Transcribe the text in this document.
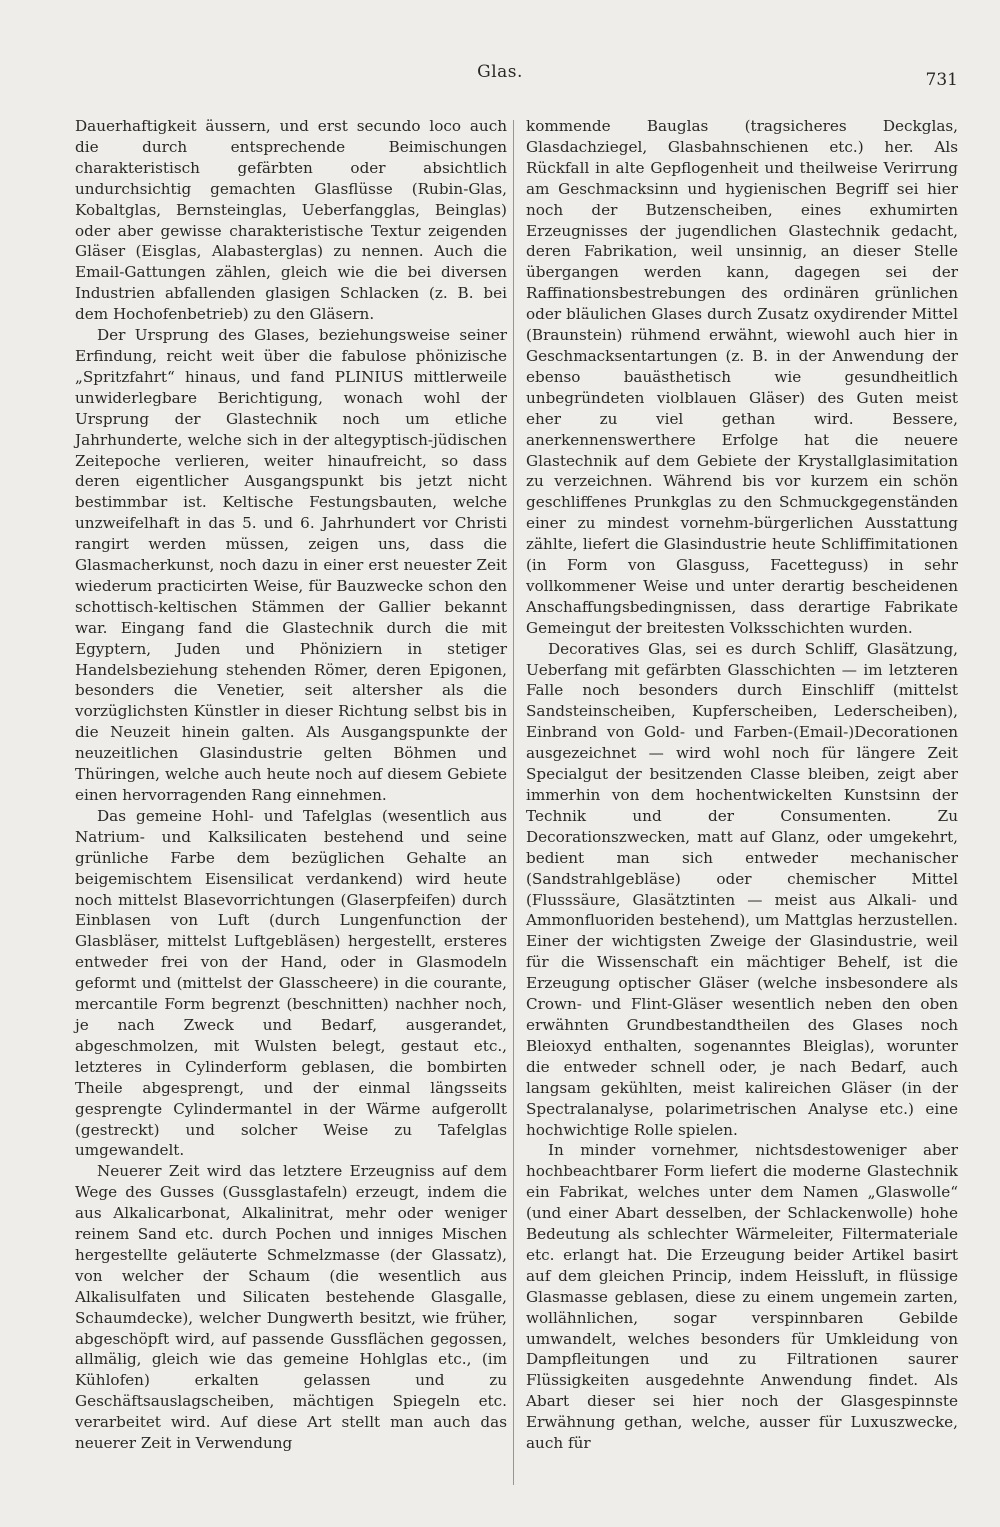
Glas.	731

Dauerhaftigkeit äussern, und erst secundo loco auch die durch entsprechende Beimischungen charakteristisch gefärbten oder absichtlich undurchsichtig gemachten Glasflüsse (Rubin-Glas, Kobaltglas, Bernsteinglas, Ueberfangglas, Beinglas) oder aber gewisse charakteristische Textur zeigenden Gläser (Eisglas, Alabasterglas) zu nennen. Auch die Email-Gattungen zählen, gleich wie die bei diversen Industrien abfallenden glasigen Schlacken (z. B. bei dem Hochofenbetrieb) zu den Gläsern.

Der Ursprung des Glases, beziehungsweise seiner Erfindung, reicht weit über die fabulose phönizische „Spritzfahrt“ hinaus, und fand PLINIUS mittlerweile unwiderlegbare Berichtigung, wonach wohl der Ursprung der Glastechnik noch um etliche Jahrhunderte, welche sich in der altegyptisch-jüdischen Zeitepoche verlieren, weiter hinaufreicht, so dass deren eigentlicher Ausgangspunkt bis jetzt nicht bestimmbar ist. Keltische Festungsbauten, welche unzweifelhaft in das 5. und 6. Jahrhundert vor Christi rangirt werden müssen, zeigen uns, dass die Glasmacherkunst, noch dazu in einer erst neuester Zeit wiederum practicirten Weise, für Bauzwecke schon den schottisch-keltischen Stämmen der Gallier bekannt war. Eingang fand die Glastechnik durch die mit Egyptern, Juden und Phöniziern in stetiger Handelsbeziehung stehenden Römer, deren Epigonen, besonders die Venetier, seit altersher als die vorzüglichsten Künstler in dieser Richtung selbst bis in die Neuzeit hinein galten. Als Ausgangspunkte der neuzeitlichen Glasindustrie gelten Böhmen und Thüringen, welche auch heute noch auf diesem Gebiete einen hervorragenden Rang einnehmen.

Das gemeine Hohl- und Tafelglas (wesentlich aus Natrium- und Kalksilicaten bestehend und seine grünliche Farbe dem bezüglichen Gehalte an beigemischtem Eisensilicat verdankend) wird heute noch mittelst Blasevorrichtungen (Glaserpfeifen) durch Einblasen von Luft (durch Lungenfunction der Glasbläser, mittelst Luftgebläsen) hergestellt, ersteres entweder frei von der Hand, oder in Glasmodeln geformt und (mittelst der Glasscheere) in die courante, mercantile Form begrenzt (beschnitten) nachher noch, je nach Zweck und Bedarf, ausgerandet, abgeschmolzen, mit Wulsten belegt, gestaut etc., letzteres in Cylinderform geblasen, die bombirten Theile abgesprengt, und der einmal längsseits gesprengte Cylindermantel in der Wärme aufgerollt (gestreckt) und solcher Weise zu Tafelglas umgewandelt.

Neuerer Zeit wird das letztere Erzeugniss auf dem Wege des Gusses (Gussglastafeln) erzeugt, indem die aus Alkalicarbonat, Alkalinitrat, mehr oder weniger reinem Sand etc. durch Pochen und inniges Mischen hergestellte geläuterte Schmelzmasse (der Glassatz), von welcher der Schaum (die wesentlich aus Alkalisulfaten und Silicaten bestehende Glasgalle, Schaumdecke), welcher Dungwerth besitzt, wie früher, abgeschöpft wird, auf passende Gussflächen gegossen, allmälig, gleich wie das gemeine Hohlglas etc., (im Kühlofen) erkalten gelassen und zu Geschäftsauslagscheiben, mächtigen Spiegeln etc. verarbeitet wird. Auf diese Art stellt man auch das neuerer Zeit in Verwendung

kommende Bauglas (tragsicheres Deckglas, Glasdachziegel, Glasbahnschienen etc.) her. Als Rückfall in alte Gepflogenheit und theilweise Verirrung am Geschmacksinn und hygienischen Begriff sei hier noch der Butzenscheiben, eines exhumirten Erzeugnisses der jugendlichen Glastechnik gedacht, deren Fabrikation, weil unsinnig, an dieser Stelle übergangen werden kann, dagegen sei der Raffinationsbestrebungen des ordinären grünlichen oder bläulichen Glases durch Zusatz oxydirender Mittel (Braunstein) rühmend erwähnt, wiewohl auch hier in Geschmacksentartungen (z. B. in der Anwendung der ebenso bauästhetisch wie gesundheitlich unbegründeten violblauen Gläser) des Guten meist eher zu viel gethan wird. Bessere, anerkennenswerthere Erfolge hat die neuere Glastechnik auf dem Gebiete der Krystallglasimitation zu verzeichnen. Während bis vor kurzem ein schön geschliffenes Prunkglas zu den Schmuckgegenständen einer zu mindest vornehm-bürgerlichen Ausstattung zählte, liefert die Glasindustrie heute Schliffimitationen (in Form von Glasguss, Facetteguss) in sehr vollkommener Weise und unter derartig bescheidenen Anschaffungsbedingnissen, dass derartige Fabrikate Gemeingut der breitesten Volksschichten wurden.

Decoratives Glas, sei es durch Schliff, Glasätzung, Ueberfang mit gefärbten Glasschichten — im letzteren Falle noch besonders durch Einschliff (mittelst Sandsteinscheiben, Kupferscheiben, Lederscheiben), Einbrand von Gold- und Farben-(Email-)Decorationen ausgezeichnet — wird wohl noch für längere Zeit Specialgut der besitzenden Classe bleiben, zeigt aber immerhin von dem hochentwickelten Kunstsinn der Technik und der Consumenten. Zu Decorationszwecken, matt auf Glanz, oder umgekehrt, bedient man sich entweder mechanischer (Sandstrahlgebläse) oder chemischer Mittel (Flusssäure, Glasätztinten — meist aus Alkali- und Ammonfluoriden bestehend), um Mattglas herzustellen. Einer der wichtigsten Zweige der Glasindustrie, weil für die Wissenschaft ein mächtiger Behelf, ist die Erzeugung optischer Gläser (welche insbesondere als Crown- und Flint-Gläser wesentlich neben den oben erwähnten Grundbestandtheilen des Glases noch Bleioxyd enthalten, sogenanntes Bleiglas), worunter die entweder schnell oder, je nach Bedarf, auch langsam gekühlten, meist kalireichen Gläser (in der Spectralanalyse, polarimetrischen Analyse etc.) eine hochwichtige Rolle spielen.

In minder vornehmer, nichtsdestoweniger aber hochbeachtbarer Form liefert die moderne Glastechnik ein Fabrikat, welches unter dem Namen „Glaswolle“ (und einer Abart desselben, der Schlackenwolle) hohe Bedeutung als schlechter Wärmeleiter, Filtermateriale etc. erlangt hat. Die Erzeugung beider Artikel basirt auf dem gleichen Princip, indem Heissluft, in flüssige Glasmasse geblasen, diese zu einem ungemein zarten, wollähnlichen, sogar verspinnbaren Gebilde umwandelt, welches besonders für Umkleidung von Dampfleitungen und zu Filtrationen saurer Flüssigkeiten ausgedehnte Anwendung findet. Als Abart dieser sei hier noch der Glasgespinnste Erwähnung gethan, welche, ausser für Luxuszwecke, auch für
